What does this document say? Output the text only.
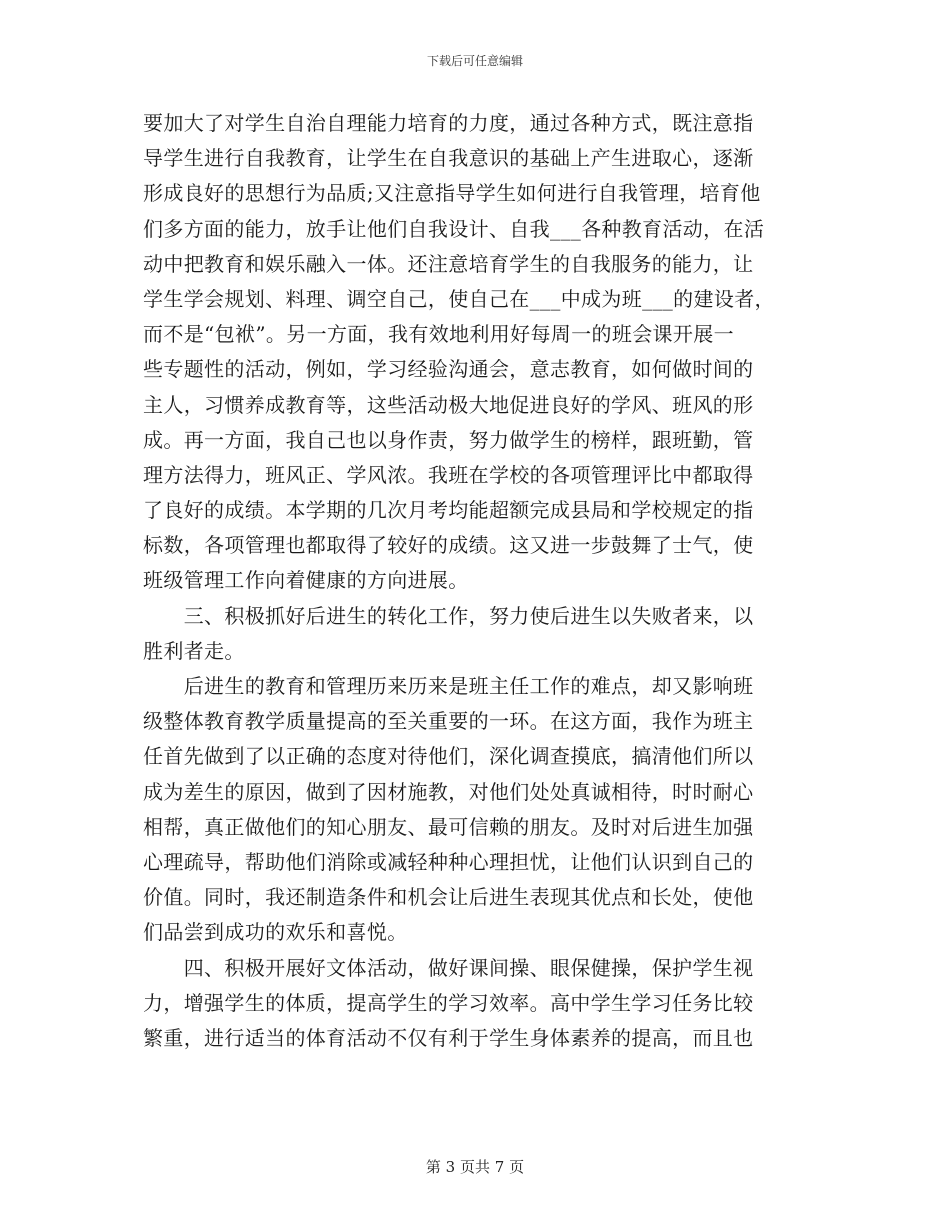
下载后可任意编辑
要加大了对学生自治自理能力培育的力度，通过各种方式，既注意指
导学生进行自我教育，让学生在自我意识的基础上产生进取心，逐渐
形成良好的思想行为品质;又注意指导学生如何进行自我管理，培育他
们多方面的能力，放手让他们自我设计、自我___各种教育活动，在活
动中把教育和娱乐融入一体。还注意培育学生的自我服务的能力，让
学生学会规划、料理、调空自己，使自己在___中成为班___的建设者，
而不是“包袱”。另一方面，我有效地利用好每周一的班会课开展一
些专题性的活动，例如，学习经验沟通会，意志教育，如何做时间的
主人，习惯养成教育等，这些活动极大地促进良好的学风、班风的形
成。再一方面，我自己也以身作责，努力做学生的榜样，跟班勤，管
理方法得力，班风正、学风浓。我班在学校的各项管理评比中都取得
了良好的成绩。本学期的几次月考均能超额完成县局和学校规定的指
标数，各项管理也都取得了较好的成绩。这又进一步鼓舞了士气，使
班级管理工作向着健康的方向进展。
　　三、积极抓好后进生的转化工作，努力使后进生以失败者来，以
胜利者走。
　　后进生的教育和管理历来历来是班主任工作的难点，却又影响班
级整体教育教学质量提高的至关重要的一环。在这方面，我作为班主
任首先做到了以正确的态度对待他们，深化调查摸底，搞清他们所以
成为差生的原因，做到了因材施教，对他们处处真诚相待，时时耐心
相帮，真正做他们的知心朋友、最可信赖的朋友。及时对后进生加强
心理疏导，帮助他们消除或减轻种种心理担忧，让他们认识到自己的
价值。同时，我还制造条件和机会让后进生表现其优点和长处，使他
们品尝到成功的欢乐和喜悦。
　　四、积极开展好文体活动，做好课间操、眼保健操，保护学生视
力，增强学生的体质，提高学生的学习效率。高中学生学习任务比较
繁重，进行适当的体育活动不仅有利于学生身体素养的提高，而且也
第 3 页共 7 页
